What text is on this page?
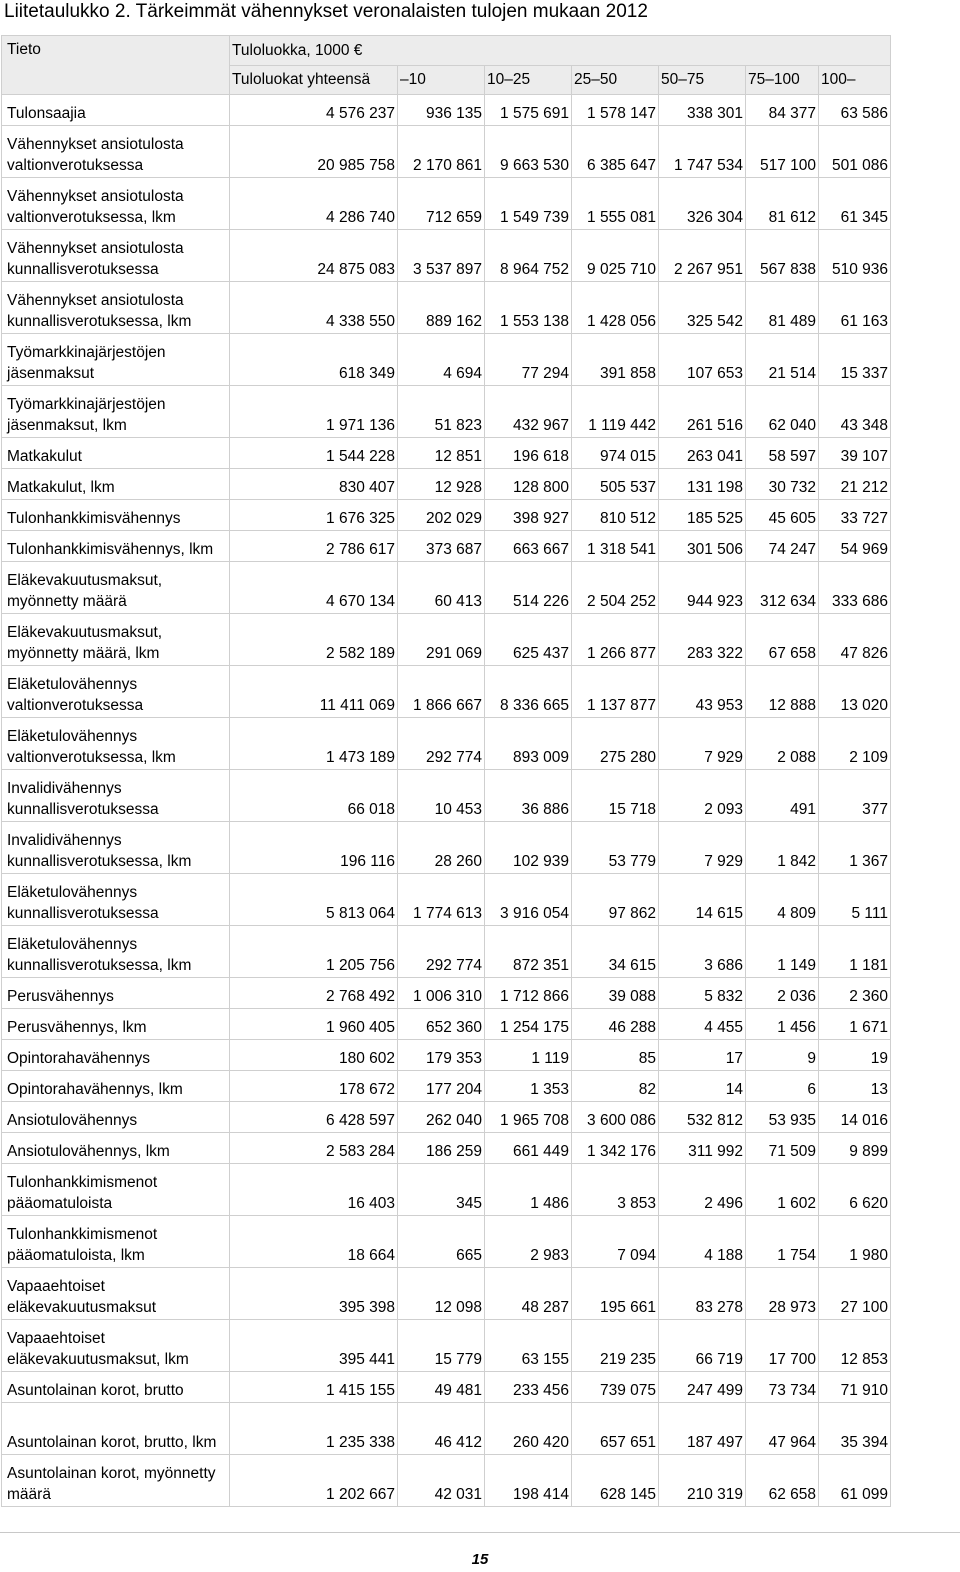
Liitetaulukko 2. Tärkeimmät vähennykset veronalaisten tulojen mukaan 2012
Tieto	Tuloluokka, 1000 €						
	Tuloluokat yhteensä	–10	10–25	25–50	50–75	75–100	100–
Tulonsaajia	4 576 237	936 135	1 575 691	1 578 147	338 301	84 377	63 586
Vähennykset ansiotulosta valtionverotuksessa	20 985 758	2 170 861	9 663 530	6 385 647	1 747 534	517 100	501 086
Vähennykset ansiotulosta valtionverotuksessa, lkm	4 286 740	712 659	1 549 739	1 555 081	326 304	81 612	61 345
Vähennykset ansiotulosta kunnallisverotuksessa	24 875 083	3 537 897	8 964 752	9 025 710	2 267 951	567 838	510 936
Vähennykset ansiotulosta kunnallisverotuksessa, lkm	4 338 550	889 162	1 553 138	1 428 056	325 542	81 489	61 163
Työmarkkinajärjestöjen jäsenmaksut	618 349	4 694	77 294	391 858	107 653	21 514	15 337
Työmarkkinajärjestöjen jäsenmaksut, lkm	1 971 136	51 823	432 967	1 119 442	261 516	62 040	43 348
Matkakulut	1 544 228	12 851	196 618	974 015	263 041	58 597	39 107
Matkakulut, lkm	830 407	12 928	128 800	505 537	131 198	30 732	21 212
Tulonhankkimisvähennys	1 676 325	202 029	398 927	810 512	185 525	45 605	33 727
Tulonhankkimisvähennys, lkm	2 786 617	373 687	663 667	1 318 541	301 506	74 247	54 969
Eläkevakuutusmaksut, myönnetty määrä	4 670 134	60 413	514 226	2 504 252	944 923	312 634	333 686
Eläkevakuutusmaksut, myönnetty määrä, lkm	2 582 189	291 069	625 437	1 266 877	283 322	67 658	47 826
Eläketulovähennys valtionverotuksessa	11 411 069	1 866 667	8 336 665	1 137 877	43 953	12 888	13 020
Eläketulovähennys valtionverotuksessa, lkm	1 473 189	292 774	893 009	275 280	7 929	2 088	2 109
Invalidivähennys kunnallisverotuksessa	66 018	10 453	36 886	15 718	2 093	491	377
Invalidivähennys kunnallisverotuksessa, lkm	196 116	28 260	102 939	53 779	7 929	1 842	1 367
Eläketulovähennys kunnallisverotuksessa	5 813 064	1 774 613	3 916 054	97 862	14 615	4 809	5 111
Eläketulovähennys kunnallisverotuksessa, lkm	1 205 756	292 774	872 351	34 615	3 686	1 149	1 181
Perusvähennys	2 768 492	1 006 310	1 712 866	39 088	5 832	2 036	2 360
Perusvähennys, lkm	1 960 405	652 360	1 254 175	46 288	4 455	1 456	1 671
Opintorahavähennys	180 602	179 353	1 119	85	17	9	19
Opintorahavähennys, lkm	178 672	177 204	1 353	82	14	6	13
Ansiotulovähennys	6 428 597	262 040	1 965 708	3 600 086	532 812	53 935	14 016
Ansiotulovähennys, lkm	2 583 284	186 259	661 449	1 342 176	311 992	71 509	9 899
Tulonhankkimismenot pääomatuloista	16 403	345	1 486	3 853	2 496	1 602	6 620
Tulonhankkimismenot pääomatuloista, lkm	18 664	665	2 983	7 094	4 188	1 754	1 980
Vapaaehtoiset eläkevakuutusmaksut	395 398	12 098	48 287	195 661	83 278	28 973	27 100
Vapaaehtoiset eläkevakuutusmaksut, lkm	395 441	15 779	63 155	219 235	66 719	17 700	12 853
Asuntolainan korot, brutto	1 415 155	49 481	233 456	739 075	247 499	73 734	71 910
Asuntolainan korot, brutto, lkm	1 235 338	46 412	260 420	657 651	187 497	47 964	35 394
Asuntolainan korot, myönnetty määrä	1 202 667	42 031	198 414	628 145	210 319	62 658	61 099
15
